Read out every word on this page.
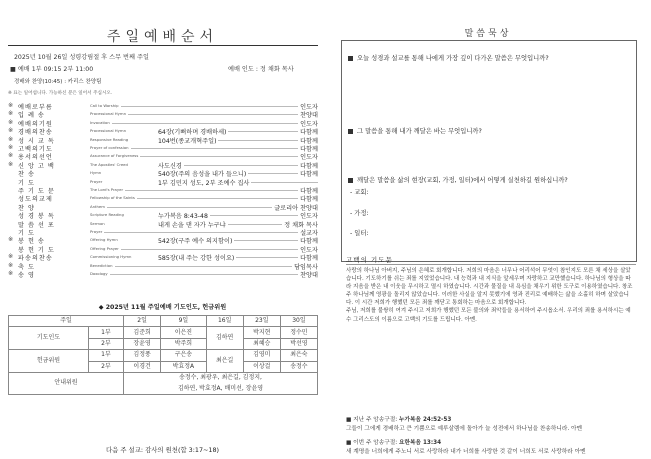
주일예배순서
2025년 10월 26일 성령강림절 후 스무 번째 주일
■ 예배 1부 09:15 2부 11:00	예배 인도 : 정 채화 목사
경배와 찬양(10:45) : 카리스 찬양팀
※ 표는 일어섭니다. 가능하신 분은 일어서 주십시오.
※ 예배로부름	Call to Worship	인도자
※ 입 례 송	Processional Hymn	찬양대
※ 예배의기원	Invocation	인도자
※ 경배의찬송	Processional Hymn	64장(기뻐하며 경배하세)	다함께
※ 성 시 교 독	Responsive Reading	104번(종교개혁주일)	다함께
※ 고백의기도	Prayer of confession	다함께
※ 용서의선언	Assurance of Forgiveness	인도자
※ 신 앙 고 백	The Apostles' Creed	사도신경	다함께
찬 송	Hymn	540장(주의 음성을 내가 들으니)	다함께
기 도	Prayer	1부 김민지 성도, 2부 조예수 집사
주 기 도 문	The Lord's Prayer	다함께
성도의교제	Fellowship of the Saints	다함께
찬 양	Anthem	글로리아 찬양대
성 경 봉 독	Scripture Reading	누가복음 8:43-48	인도자
말 씀 선 포	Sermon	내게 손을 댄 자가 누구냐	정 채화 목사
기 도	Prayer	설교자
※ 봉 헌 송	Offering Hymn	542장(구주 예수 의지함이)	다함께
봉 헌 기 도	Offering Prayer	인도자
※ 파송의찬송	Commissioning Hymn	585장(내 주는 강한 성이요)	다함께
※ 축 도	Benediction	담임목사
※ 송 영	Doxology	찬양대
◆ 2025년 11월 주일예배 기도인도, 헌금위원
주일		2일	9일	16일	23일	30일
기도인도	1부	김준희	이은진	김하연	박지현	정수민
	2부	장윤영	박주희		최혜승	박선영
헌금위원	1부	김정풍	구은송	최은길	김영미	최은숙
	2부	이경건	박효정A		이상걸	송정수
안내위원		송정수, 최광우, 최은길, 김정지,				
		김하연, 박효정A, 배미선, 장윤영				
다음 주 설교: 감사의 원천(합 3:17~18)
말씀묵상
오늘 성경과 설교를 통해 나에게 가장 깊이 다가온 말씀은 무엇입니까?
그 말씀을 통해 내가 깨달은 바는 무엇입니까?
깨달은 말씀을 삶의 현장(교회, 가정, 일터)에서 어떻게 실천하길 원하십니까?
- 교회:
- 가정:
- 일터:
고백의 기도문

사랑의 하나님 아버지, 주님의 은혜로 회개합니다. 저희의 마음은 너무나 어리석어 무엇이 참인지도 모른 채 세상을 살았습니다. 기도하기를 쉬는 죄를 지었었습니다. 내 능력과 내 지식을 앞세우며 자랑하고 교만했습니다. 하나님의 형상을 따라 지음을 받은 내 이웃을 무시하고 멸시 하였습니다. 시간과 물질을 내 욕심을 채우기 위한 도구로 이용하였습니다. 창조주 하나님께 영광을 돌리지 않았습니다. 이러한 사실을 알지 못했기에 영과 진리로 예배하는 삶을 소홀히 하며 살았습니다. 이 시간 저희가 행했던 모든 죄를 깨닫고 통회하는 마음으로 회개합니다.

주님, 저희를 불쌍히 여겨 주시고 저희가 행했던 모든 불의와 죄악들을 용서하여 주시옵소서. 우리의 죄를 용서하시는 예수 그리스도의 이름으로 고백의 기도를 드립니다. 아멘.

■ 지난 주 암송구절: 누가복음 24:52-53
그들이 그에게 경배하고 큰 기쁨으로 예루살렘에 돌아가 늘 성전에서 하나님을 찬송하니라. 아멘
■ 이번 주 암송구절: 요한복음 13:34
새 계명을 너희에게 주노니 서로 사랑하라 내가 너희를 사랑한 것 같이 너희도 서로 사랑하라 아멘
